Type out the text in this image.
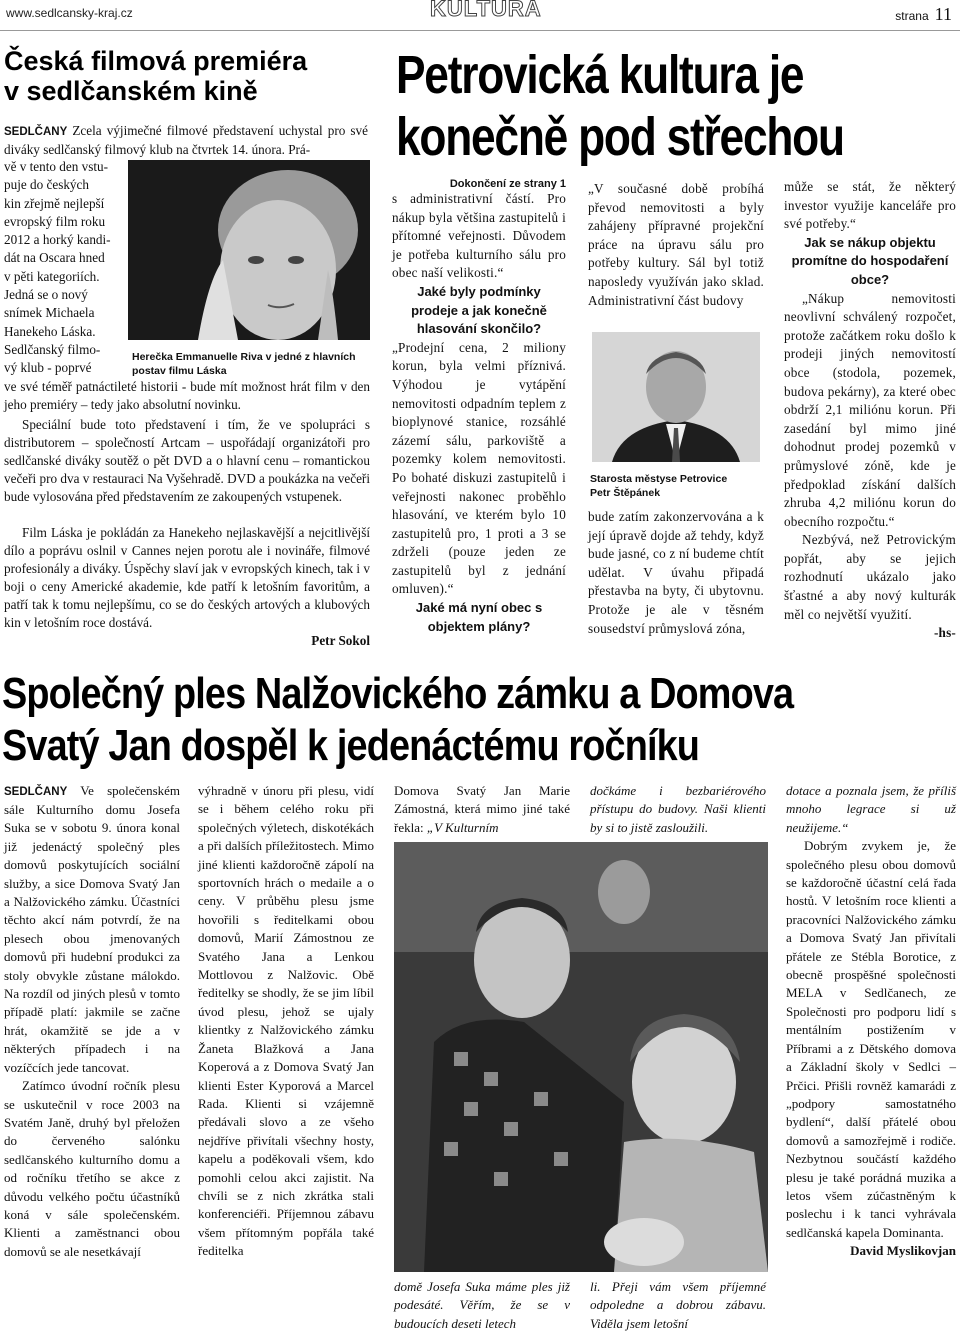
www.sedlcansky-kraj.cz	KULTURA	strana 11
Česká filmová premiéra
v sedlčanském kině
SEDLČANY Zcela výjimečné filmové představení uchystal pro své diváky sedlčanský filmový klub na čtvrtek 14. února. Prá-
vě v tento den vstu-
puje do českých
kin zřejmě nejlepší
evropský film roku
2012 a horký kandi-
dát na Oscara hned
v pěti kategoriích.
Jedná se o nový
snímek Michaela
Hanekeho Láska.
Sedlčanský filmo-
vý klub - poprvé
Herečka Emmanuelle Riva v jedné z hlavních postav filmu Láska
ve své téměř patnáctileté historii - bude mít možnost hrát film v den jeho premiéry – tedy jako absolutní novinku.
Speciální bude toto představení i tím, že ve spolupráci s distributorem – společností Artcam – uspořádají organizátoři pro sedlčanské diváky soutěž o pět DVD a o hlavní cenu – romantickou večeři pro dva v restauraci Na Vyšehradě. DVD a poukázka na večeři bude vylosována před představením ze zakoupených vstupenek.
Film Láska je pokládán za Hanekeho nejlaskavější a nejcitlivější dílo a poprávu oslnil v Cannes nejen porotu ale i novináře, filmové profesionály a diváky. Úspěchy slaví jak v evropských kinech, tak i v boji o ceny Americké akademie, kde patří k letošním favoritům, a patří tak k tomu nejlepšímu, co se do českých artových a klubových kin v letošním roce dostává.
Petr Sokol
Petrovická kultura je
konečně pod střechou
Dokončení ze strany 1
s administrativní částí. Pro nákup byla většina zastupitelů i přítomné veřejnosti. Důvodem je potřeba kulturního sálu pro obec naší velikosti.“
Jaké byly podmínky prodeje a jak konečně hlasování skončilo?
„Prodejní cena, 2 miliony korun, byla velmi příznivá. Výhodou je vytápění nemovitosti odpadním teplem z bioplynové stanice, rozsáhlé zázemí sálu, parkoviště a pozemky kolem nemovitosti. Po bohaté diskuzi zastupitelů i veřejnosti nakonec proběhlo hlasování, ve kterém bylo 10 zastupitelů pro, 1 proti a 3 se zdrželi (pouze jeden ze zastupitelů byl z jednání omluven).“
Jaké má nyní obec s objektem plány?
„V současné době probíhá převod nemovitosti a byly zahájeny přípravné projekční práce na úpravu sálu pro potřeby kultury. Sál byl totiž naposledy využíván jako sklad. Administrativní část budovy
Starosta městyse Petrovice
Petr Štěpánek
bude zatím zakonzervována a k její úpravě dojde až tehdy, když bude jasné, co z ní budeme chtít udělat. V úvahu připadá přestavba na byty, či ubytovnu. Protože je ale v těsném sousedství průmyslová zóna,
může se stát, že některý investor využije kanceláře pro své potřeby.“
Jak se nákup objektu promítne do hospodaření obce?
„Nákup nemovitosti neovlivní schválený rozpočet, protože začátkem roku došlo k prodeji jiných nemovitostí obce (stodola, pozemek, budova pekárny), za které obec obdrží 2,1 miliónu korun. Při zasedání byl mimo jiné dohodnut prodej pozemků v průmyslové zóně, kde je předpoklad získání dalších zhruba 4,2 miliónu korun do obecního rozpočtu.“
Nezbývá, než Petrovickým popřát, aby se jejich rozhodnutí ukázalo jako šťastné a aby nový kulturák měl co největší využití.
-hs-
Společný ples Nalžovického zámku a Domova
Svatý Jan dospěl k jedenáctému ročníku
SEDLČANY Ve společenském sále Kulturního domu Josefa Suka se v sobotu 9. února konal již jedenáctý společný ples domovů poskytujících sociální služby, a sice Domova Svatý Jan a Nalžovického zámku. Účastníci těchto akcí nám potvrdí, že na plesech obou jmenovaných domovů při hudební produkci za stoly obvykle zůstane málokdo. Na rozdíl od jiných plesů v tomto případě platí: jakmile se začne hrát, okamžitě se jde a v některých případech i na vozíčcích jede tancovat.
Zatímco úvodní ročník plesu se uskutečnil v roce 2003 na Svatém Janě, druhý byl přeložen do červeného salónku sedlčanského kulturního domu a od ročníku třetího se akce z důvodu velkého počtu účastníků koná v sále společenském. Klienti a zaměstnanci obou domovů se ale nesetkávají
výhradně v únoru při plesu, vidí se i během celého roku při společných výletech, diskotékách a při dalších příležitostech. Mimo jiné klienti každoročně zápolí na sportovních hrách o medaile a o ceny. V průběhu plesu jsme hovořili s ředitelkami obou domovů, Marií Zámostnou ze Svatého Jana a Lenkou Mottlovou z Nalžovic. Obě ředitelky se shodly, že se jim líbil úvod plesu, jehož se ujaly klientky z Nalžovického zámku Žaneta Blažková a Jana Koperová a z Domova Svatý Jan klienti Ester Kyporová a Marcel Rada. Klienti si vzájemně předávali slovo a ze všeho nejdříve přivítali všechny hosty, kapelu a poděkovali všem, kdo pomohli celou akci zajistit. Na chvíli se z nich zkrátka stali konferenciéři. Příjemnou zábavu všem přítomným popřála také ředitelka
Domova Svatý Jan Marie Zámostná, která mimo jiné také řekla: „V Kulturním
dočkáme i bezbariérového přístupu do budovy. Naši klienti by si to jistě zasloužili.
domě Josefa Suka máme ples již podesáté. Věřím, že se v budoucích deseti letech
li. Přeji vám všem příjemné odpoledne a dobrou zábavu. Viděla jsem letošní
dotace a poznala jsem, že příliš mnoho legrace si už neužijeme.“
Dobrým zvykem je, že společného plesu obou domovů se každoročně účastní celá řada hostů. V letošním roce klienti a pracovníci Nalžovického zámku a Domova Svatý Jan přivítali přátele ze Stébla Borotice, z obecně prospěšné společnosti MELA v Sedlčanech, ze Společnosti pro podporu lidí s mentálním postižením v Příbrami a z Dětského domova a Základní školy v Sedlci – Prčici. Přišli rovněž kamarádi z „podpory samostatného bydlení“, další přátelé obou domovů a samozřejmě i rodiče. Nezbytnou součástí každého plesu je také porádná muzika a letos všem zúčastněným k poslechu i k tanci vyhrávala sedlčanská kapela Dominanta.
David Myslikovjan
